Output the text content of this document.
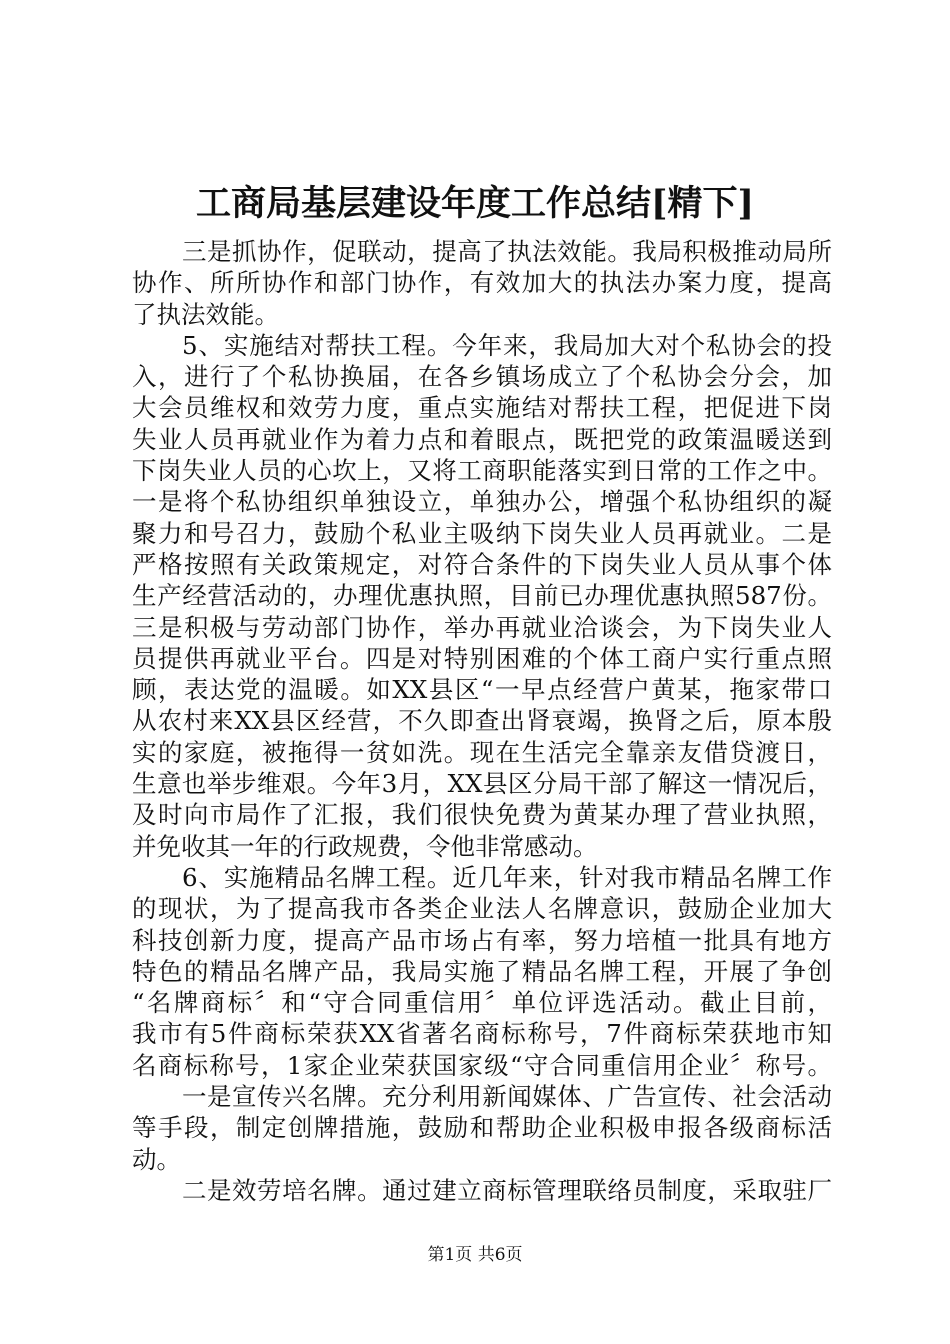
工商局基层建设年度工作总结[精下]
三是抓协作，促联动，提高了执法效能。我局积极推动局所
协作、所所协作和部门协作，有效加大的执法办案力度，提高
了执法效能。
5、实施结对帮扶工程。今年来，我局加大对个私协会的投
入，进行了个私协换届，在各乡镇场成立了个私协会分会，加
大会员维权和效劳力度，重点实施结对帮扶工程，把促进下岗
失业人员再就业作为着力点和着眼点，既把党的政策温暖送到
下岗失业人员的心坎上，又将工商职能落实到日常的工作之中。
一是将个私协组织单独设立，单独办公，增强个私协组织的凝
聚力和号召力，鼓励个私业主吸纳下岗失业人员再就业。二是
严格按照有关政策规定，对符合条件的下岗失业人员从事个体
生产经营活动的，办理优惠执照，目前已办理优惠执照587份。
三是积极与劳动部门协作，举办再就业洽谈会，为下岗失业人
员提供再就业平台。四是对特别困难的个体工商户实行重点照
顾，表达党的温暖。如XX县区“一早点经营户黄某，拖家带口
从农村来XX县区经营，不久即查出肾衰竭，换肾之后，原本殷
实的家庭，被拖得一贫如洗。现在生活完全靠亲友借贷渡日，
生意也举步维艰。今年3月，XX县区分局干部了解这一情况后，
及时向市局作了汇报，我们很快免费为黄某办理了营业执照，
并免收其一年的行政规费，令他非常感动。
6、实施精品名牌工程。近几年来，针对我市精品名牌工作
的现状，为了提高我市各类企业法人名牌意识，鼓励企业加大
科技创新力度，提高产品市场占有率，努力培植一批具有地方
特色的精品名牌产品，我局实施了精品名牌工程，开展了争创
“名牌商标〞和“守合同重信用〞单位评选活动。截止目前，
我市有5件商标荣获XX省著名商标称号，7件商标荣获地市知
名商标称号，1家企业荣获国家级“守合同重信用企业〞称号。
一是宣传兴名牌。充分利用新闻媒体、广告宣传、社会活动
等手段，制定创牌措施，鼓励和帮助企业积极申报各级商标活
动。
二是效劳培名牌。通过建立商标管理联络员制度，采取驻厂
第1页 共6页
